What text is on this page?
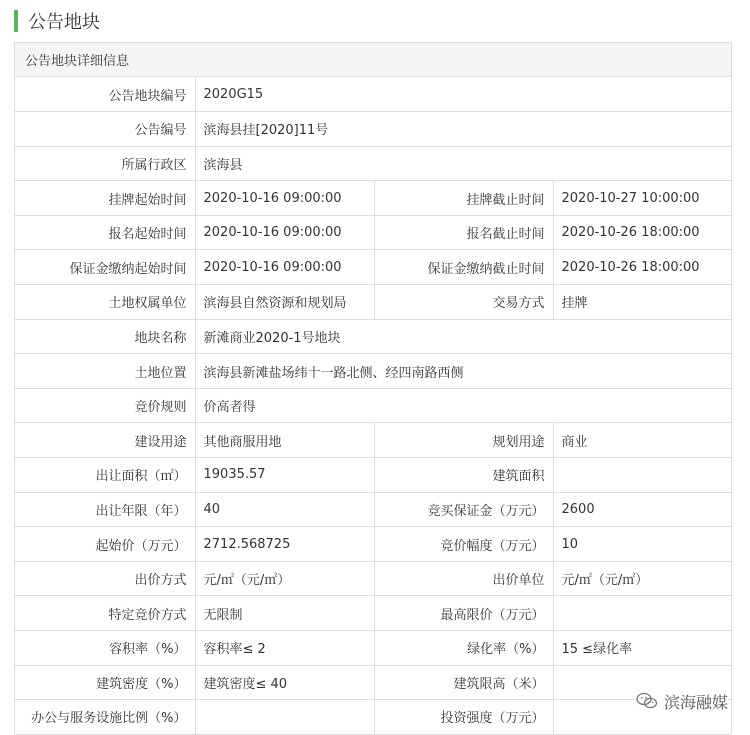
公告地块
公告地块详细信息
公告地块编号	2020G15		
公告编号	滨海县挂[2020]11号		
所属行政区	滨海县		
挂牌起始时间	2020-10-16 09:00:00	挂牌截止时间	2020-10-27 10:00:00
报名起始时间	2020-10-16 09:00:00	报名截止时间	2020-10-26 18:00:00
保证金缴纳起始时间	2020-10-16 09:00:00	保证金缴纳截止时间	2020-10-26 18:00:00
土地权属单位	滨海县自然资源和规划局	交易方式	挂牌
地块名称	新滩商业2020-1号地块		
土地位置	滨海县新滩盐场纬十一路北侧、经四南路西侧		
竞价规则	价高者得		
建设用途	其他商服用地	规划用途	商业
出让面积（㎡）	19035.57	建筑面积	
出让年限（年）	40	竞买保证金（万元）	2600
起始价（万元）	2712.568725	竞价幅度（万元）	10
出价方式	元/㎡（元/㎡）	出价单位	元/㎡（元/㎡）
特定竞价方式	无限制	最高限价（万元）	
容积率（%）	容积率≤ 2	绿化率（%）	15 ≤绿化率
建筑密度（%）	建筑密度≤ 40	建筑限高（米）	
办公与服务设施比例（%）		投资强度（万元）	
滨海融媒
